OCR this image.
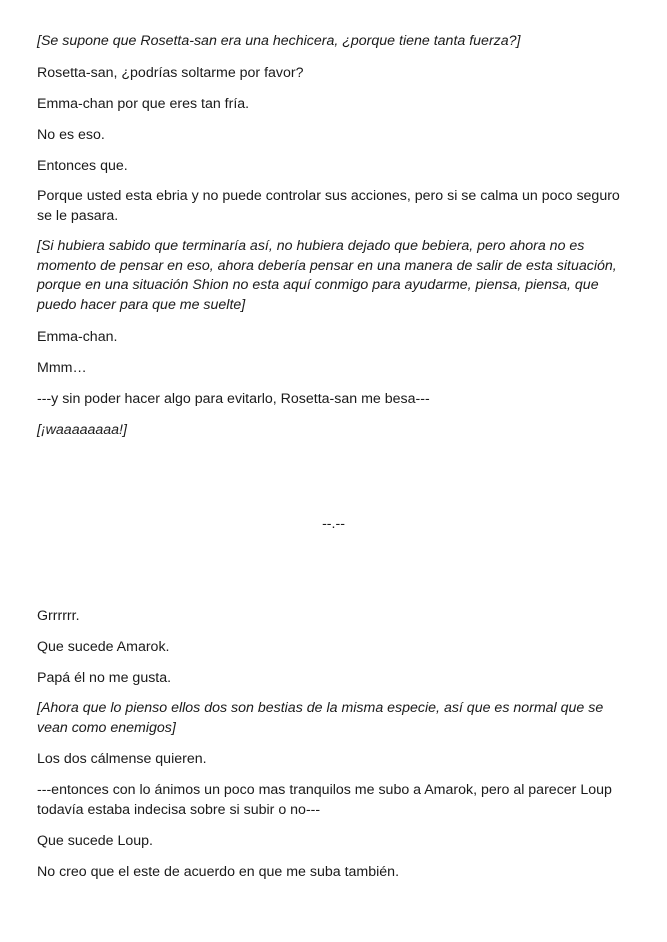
[Se supone que Rosetta-san era una hechicera, ¿porque tiene tanta fuerza?]

Rosetta-san, ¿podrías soltarme por favor?

Emma-chan por que eres tan fría.

No es eso.

Entonces que.

Porque usted esta ebria y no puede controlar sus acciones, pero si se calma un poco seguro se le pasara.

[Si hubiera sabido que terminaría así, no hubiera dejado que bebiera, pero ahora no es momento de pensar en eso, ahora debería pensar en una manera de salir de esta situación, porque en una situación Shion no esta aquí conmigo para ayudarme, piensa, piensa, que puedo hacer para que me suelte]

Emma-chan.

Mmm…

---y sin poder hacer algo para evitarlo, Rosetta-san me besa---

[¡waaaaaaaa!]

--.--

Grrrrrr.

Que sucede Amarok.

Papá él no me gusta.

[Ahora que lo pienso ellos dos son bestias de la misma especie, así que es normal que se vean como enemigos]

Los dos cálmense quieren.

---entonces con lo ánimos un poco mas tranquilos me subo a Amarok, pero al parecer Loup todavía estaba indecisa sobre si subir o no---

Que sucede Loup.

No creo que el este de acuerdo en que me suba también.
